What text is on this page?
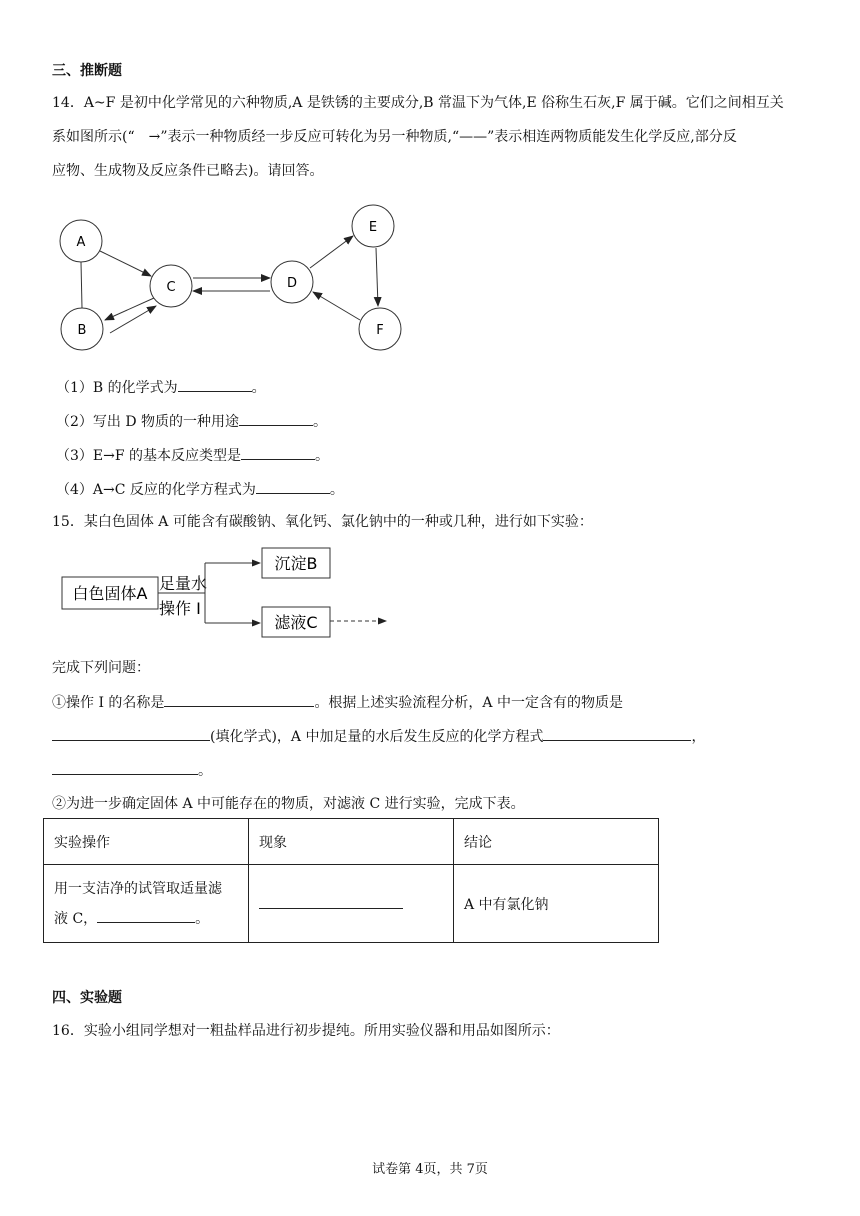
三、推断题
14．A~F 是初中化学常见的六种物质,A 是铁锈的主要成分,B 常温下为气体,E 俗称生石灰,F 属于碱。它们之间相互关
系如图所示(“　→”表示一种物质经一步反应可转化为另一种物质,“——”表示相连两物质能发生化学反应,部分反
应物、生成物及反应条件已略去)。请回答。
A
B
C	D
E
F
（1）B 的化学式为	。
（2）写出 D 物质的一种用途	。
（3）E→F 的基本反应类型是	。
（4）A→C 反应的化学方程式为	。
15．某白色固体 A 可能含有碳酸钠、氧化钙、氯化钠中的一种或几种，进行如下实验：
白色固体A
足量水
操作 I
沉淀B
滤液C
完成下列问题：
①操作 I 的名称是	。根据上述实验流程分析，A 中一定含有的物质是
(填化学式)，A 中加足量的水后发生反应的化学方程式	，
。
②为进一步确定固体 A 中可能存在的物质，对滤液 C 进行实验，完成下表。
实验操作	现象	结论

用一支洁净的试管取适量滤
液 C， 。		A 中有氯化钠
四、实验题
16．实验小组同学想对一粗盐样品进行初步提纯。所用实验仪器和用品如图所示：
试卷第 4页，共 7页
